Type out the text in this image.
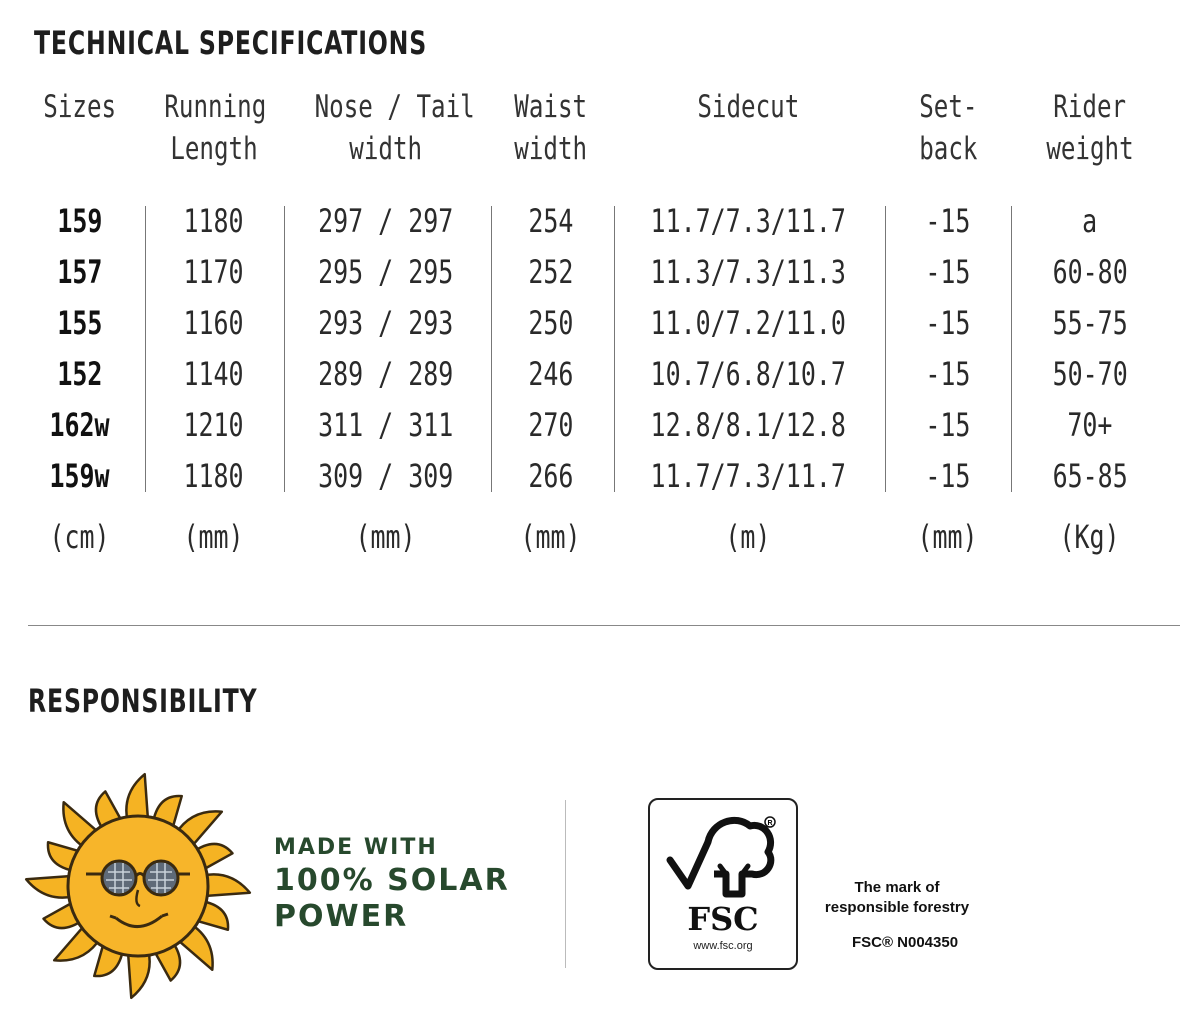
TECHNICAL SPECIFICATIONS
Sizes

159
157
155
152
162w
159w
(cm)
Running
Length
1180
1170
1160
1140
1210
1180
(mm)
Nose / Tail
width
297 / 297
295 / 295
293 / 293
289 / 289
311 / 311
309 / 309
(mm)
Waist
width
254
252
250
246
270
266
(mm)
Sidecut

11.7/7.3/11.7
11.3/7.3/11.3
11.0/7.2/11.0
10.7/6.8/10.7
12.8/8.1/12.8
11.7/7.3/11.7
(m)
Set-
back
-15
-15
-15
-15
-15
-15
(mm)
Rider
weight
a
60-80
55-75
50-70
70+
65-85
(Kg)
RESPONSIBILITY
MADE WITH
100% SOLAR
POWER
R
FSC
www.fsc.org
The mark of
responsible forestry
FSC® N004350
